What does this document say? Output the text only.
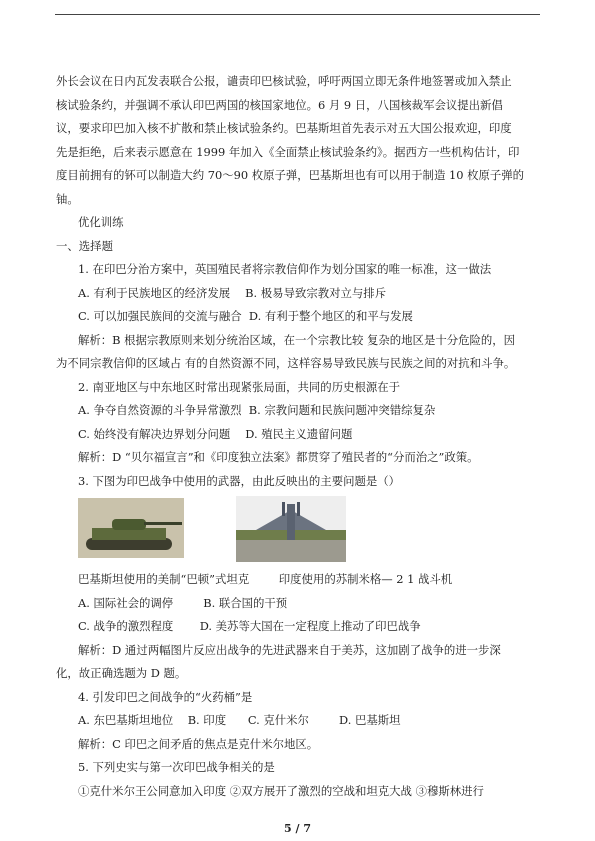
外长会议在日内瓦发表联合公报，谴责印巴核试验，呼吁两国立即无条件地签署或加入禁止

核试验条约，并强调不承认印巴两国的核国家地位。6 月 9 日，八国核裁军会议提出新倡

议，要求印巴加入核不扩散和禁止核试验条约。巴基斯坦首先表示对五大国公报欢迎，印度

先是拒绝，后来表示愿意在 1999 年加入《全面禁止核试验条约》。据西方一些机构估计，印

度目前拥有的钚可以制造大约 70～90 枚原子弹，巴基斯坦也有可以用于制造 10 枚原子弹的

铀。

优化训练

一、选择题

1. 在印巴分治方案中，英国殖民者将宗教信仰作为划分国家的唯一标准，这一做法

A. 有利于民族地区的经济发展　 B. 极易导致宗教对立与排斥

C. 可以加强民族间的交流与融合 D. 有利于整个地区的和平与发展

解析：B 根据宗教原则来划分统治区域，在一个宗教比较 复杂的地区是十分危险的，因

为不同宗教信仰的区域占 有的自然资源不同，这样容易导致民族与民族之间的对抗和斗争。

2. 南亚地区与中东地区时常出现紧张局面，共同的历史根源在于

A. 争夺自然资源的斗争异常激烈 B. 宗教问题和民族问题冲突错综复杂

C. 始终没有解决边界划分问题　 D. 殖民主义遗留问题

解析：D “贝尔福宣言”和《印度独立法案》都贯穿了殖民者的“分而治之”政策。

3. 下图为印巴战争中使用的武器，由此反映出的主要问题是（）

巴基斯坦使用的美制“巴顿”式坦克	印度使用的苏制米格— 2 1 战斗机

A. 国际社会的调停　　	B. 联合国的干预

C. 战争的激烈程度　　 D. 美苏等大国在一定程度上推动了印巴战争

解析：D 通过两幅图片反应出战争的先进武器来自于美苏，这加剧了战争的进一步深

化，故正确选题为 D 题。

4. 引发印巴之间战争的“火药桶”是

A. 东巴基斯坦地位 B. 印度 C. 克什米尔　　	D. 巴基斯坦

解析：C 印巴之间矛盾的焦点是克什米尔地区。

5. 下列史实与第一次印巴战争相关的是

①克什米尔王公同意加入印度 ②双方展开了激烈的空战和坦克大战 ③穆斯林进行

5 / 7
